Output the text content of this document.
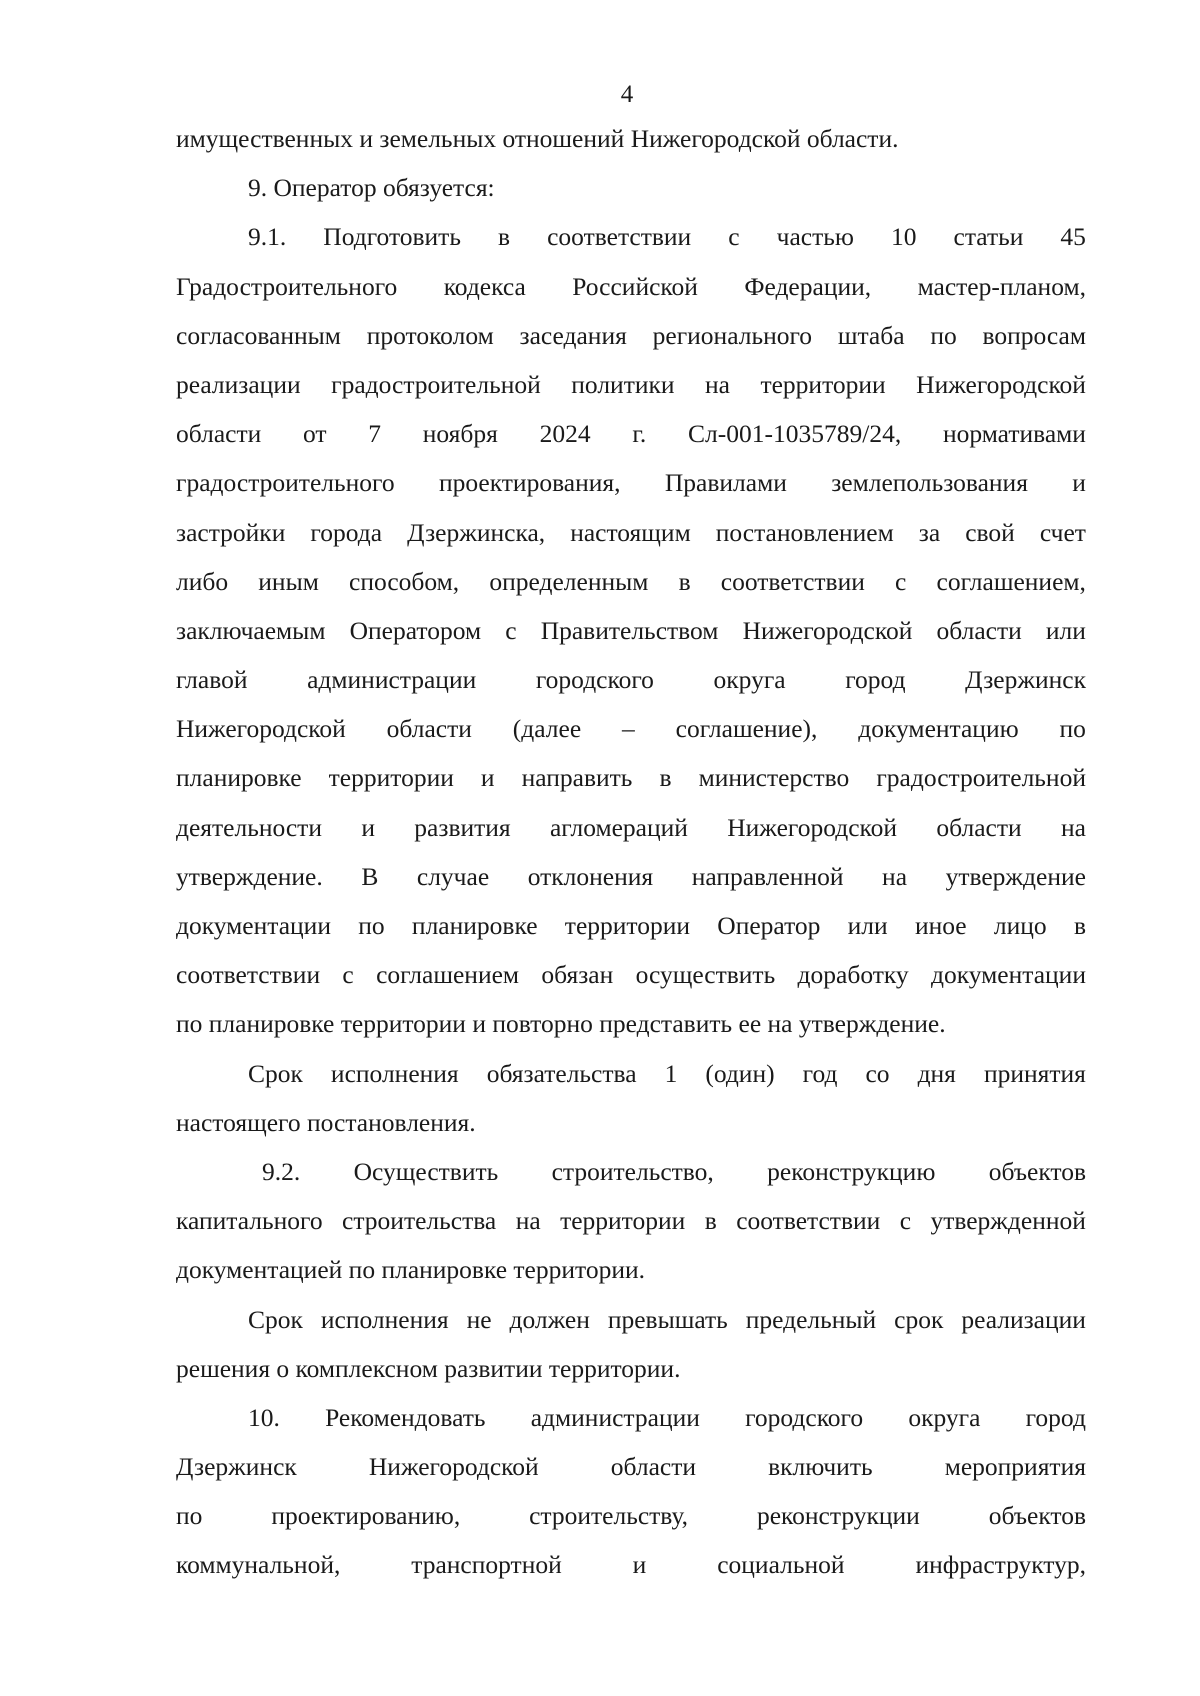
4
имущественных и земельных отношений Нижегородской области.
9. Оператор обязуется:
9.1. Подготовить в соответствии с частью 10 статьи 45
Градостроительного кодекса Российской Федерации, мастер-планом,
согласованным протоколом заседания регионального штаба по вопросам
реализации градостроительной политики на территории Нижегородской
области от 7 ноября 2024 г. Сл-001-1035789/24, нормативами
градостроительного проектирования, Правилами землепользования и
застройки города Дзержинска, настоящим постановлением за свой счет
либо иным способом, определенным в соответствии с соглашением,
заключаемым Оператором с Правительством Нижегородской области или
главой администрации городского округа город Дзержинск
Нижегородской области (далее – соглашение), документацию по
планировке территории и направить в министерство градостроительной
деятельности и развития агломераций Нижегородской области на
утверждение. В случае отклонения направленной на утверждение
документации по планировке территории Оператор или иное лицо в
соответствии с соглашением обязан осуществить доработку документации
по планировке территории и повторно представить ее на утверждение.
Срок исполнения обязательства 1 (один) год со дня принятия
настоящего постановления.
9.2. Осуществить строительство, реконструкцию объектов
капитального строительства на территории в соответствии с утвержденной
документацией по планировке территории.
Срок исполнения не должен превышать предельный срок реализации
решения о комплексном развитии территории.
10. Рекомендовать администрации городского округа город
Дзержинск	Нижегородской	области	включить	мероприятия
по	проектированию,	строительству,	реконструкции	объектов
коммунальной,	транспортной	и	социальной	инфраструктур,
